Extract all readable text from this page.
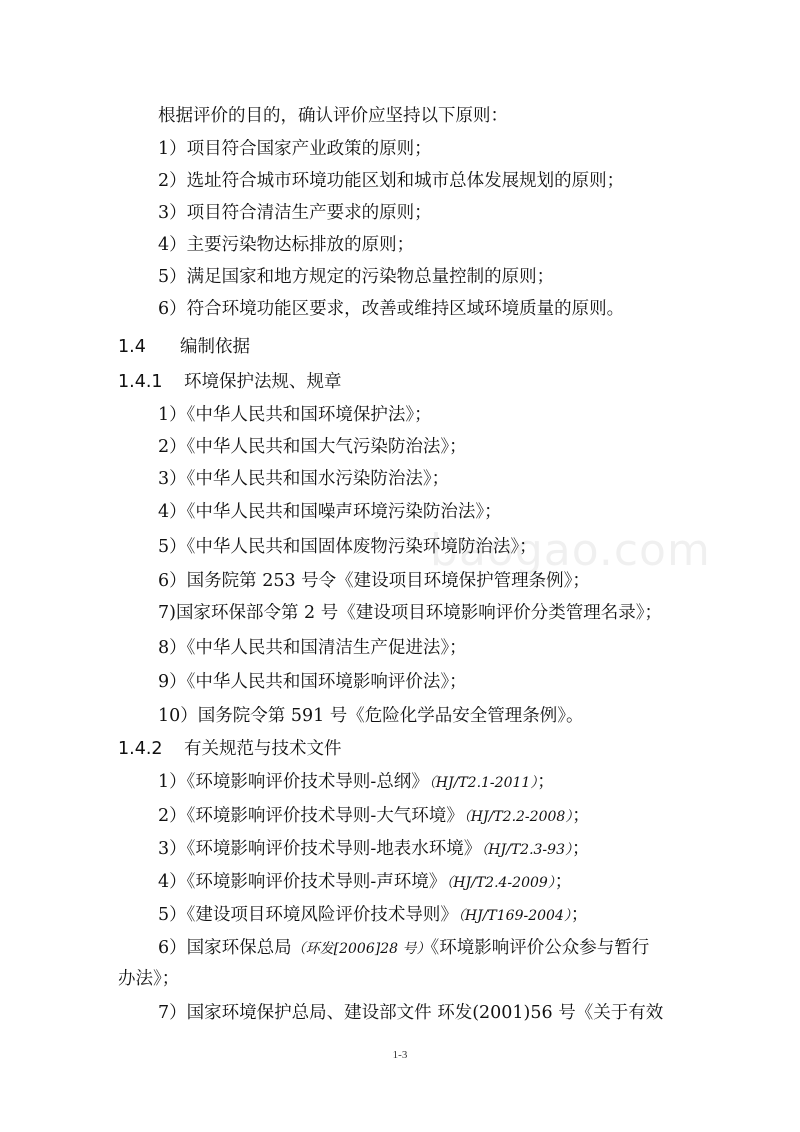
根据评价的目的，确认评价应坚持以下原则：
1）项目符合国家产业政策的原则；
2）选址符合城市环境功能区划和城市总体发展规划的原则；
3）项目符合清洁生产要求的原则；
4）主要污染物达标排放的原则；
5）满足国家和地方规定的污染物总量控制的原则；
6）符合环境功能区要求，改善或维持区域环境质量的原则。
1.4 编制依据
1.4.1 环境保护法规、规章
1）《中华人民共和国环境保护法》；
2）《中华人民共和国大气污染防治法》；
3）《中华人民共和国水污染防治法》；
4）《中华人民共和国噪声环境污染防治法》；
5）《中华人民共和国固体废物污染环境防治法》；
6）国务院第 253 号令《建设项目环境保护管理条例》；
7)国家环保部令第 2 号《建设项目环境影响评价分类管理名录》；
8）《中华人民共和国清洁生产促进法》；
9）《中华人民共和国环境影响评价法》；
10）国务院令第 591 号《危险化学品安全管理条例》。
1.4.2 有关规范与技术文件
1）《环境影响评价技术导则-总纲》（HJ/T2.1-2011）；
2）《环境影响评价技术导则-大气环境》（HJ/T2.2-2008）；
3）《环境影响评价技术导则-地表水环境》（HJ/T2.3-93）；
4）《环境影响评价技术导则-声环境》（HJ/T2.4-2009）；
5）《建设项目环境风险评价技术导则》（HJ/T169-2004）；
6）国家环保总局（环发[2006]28 号）《环境影响评价公众参与暂行
办法》；
7）国家环境保护总局、建设部文件 环发(2001)56 号《关于有效
baogao.com
1-3
